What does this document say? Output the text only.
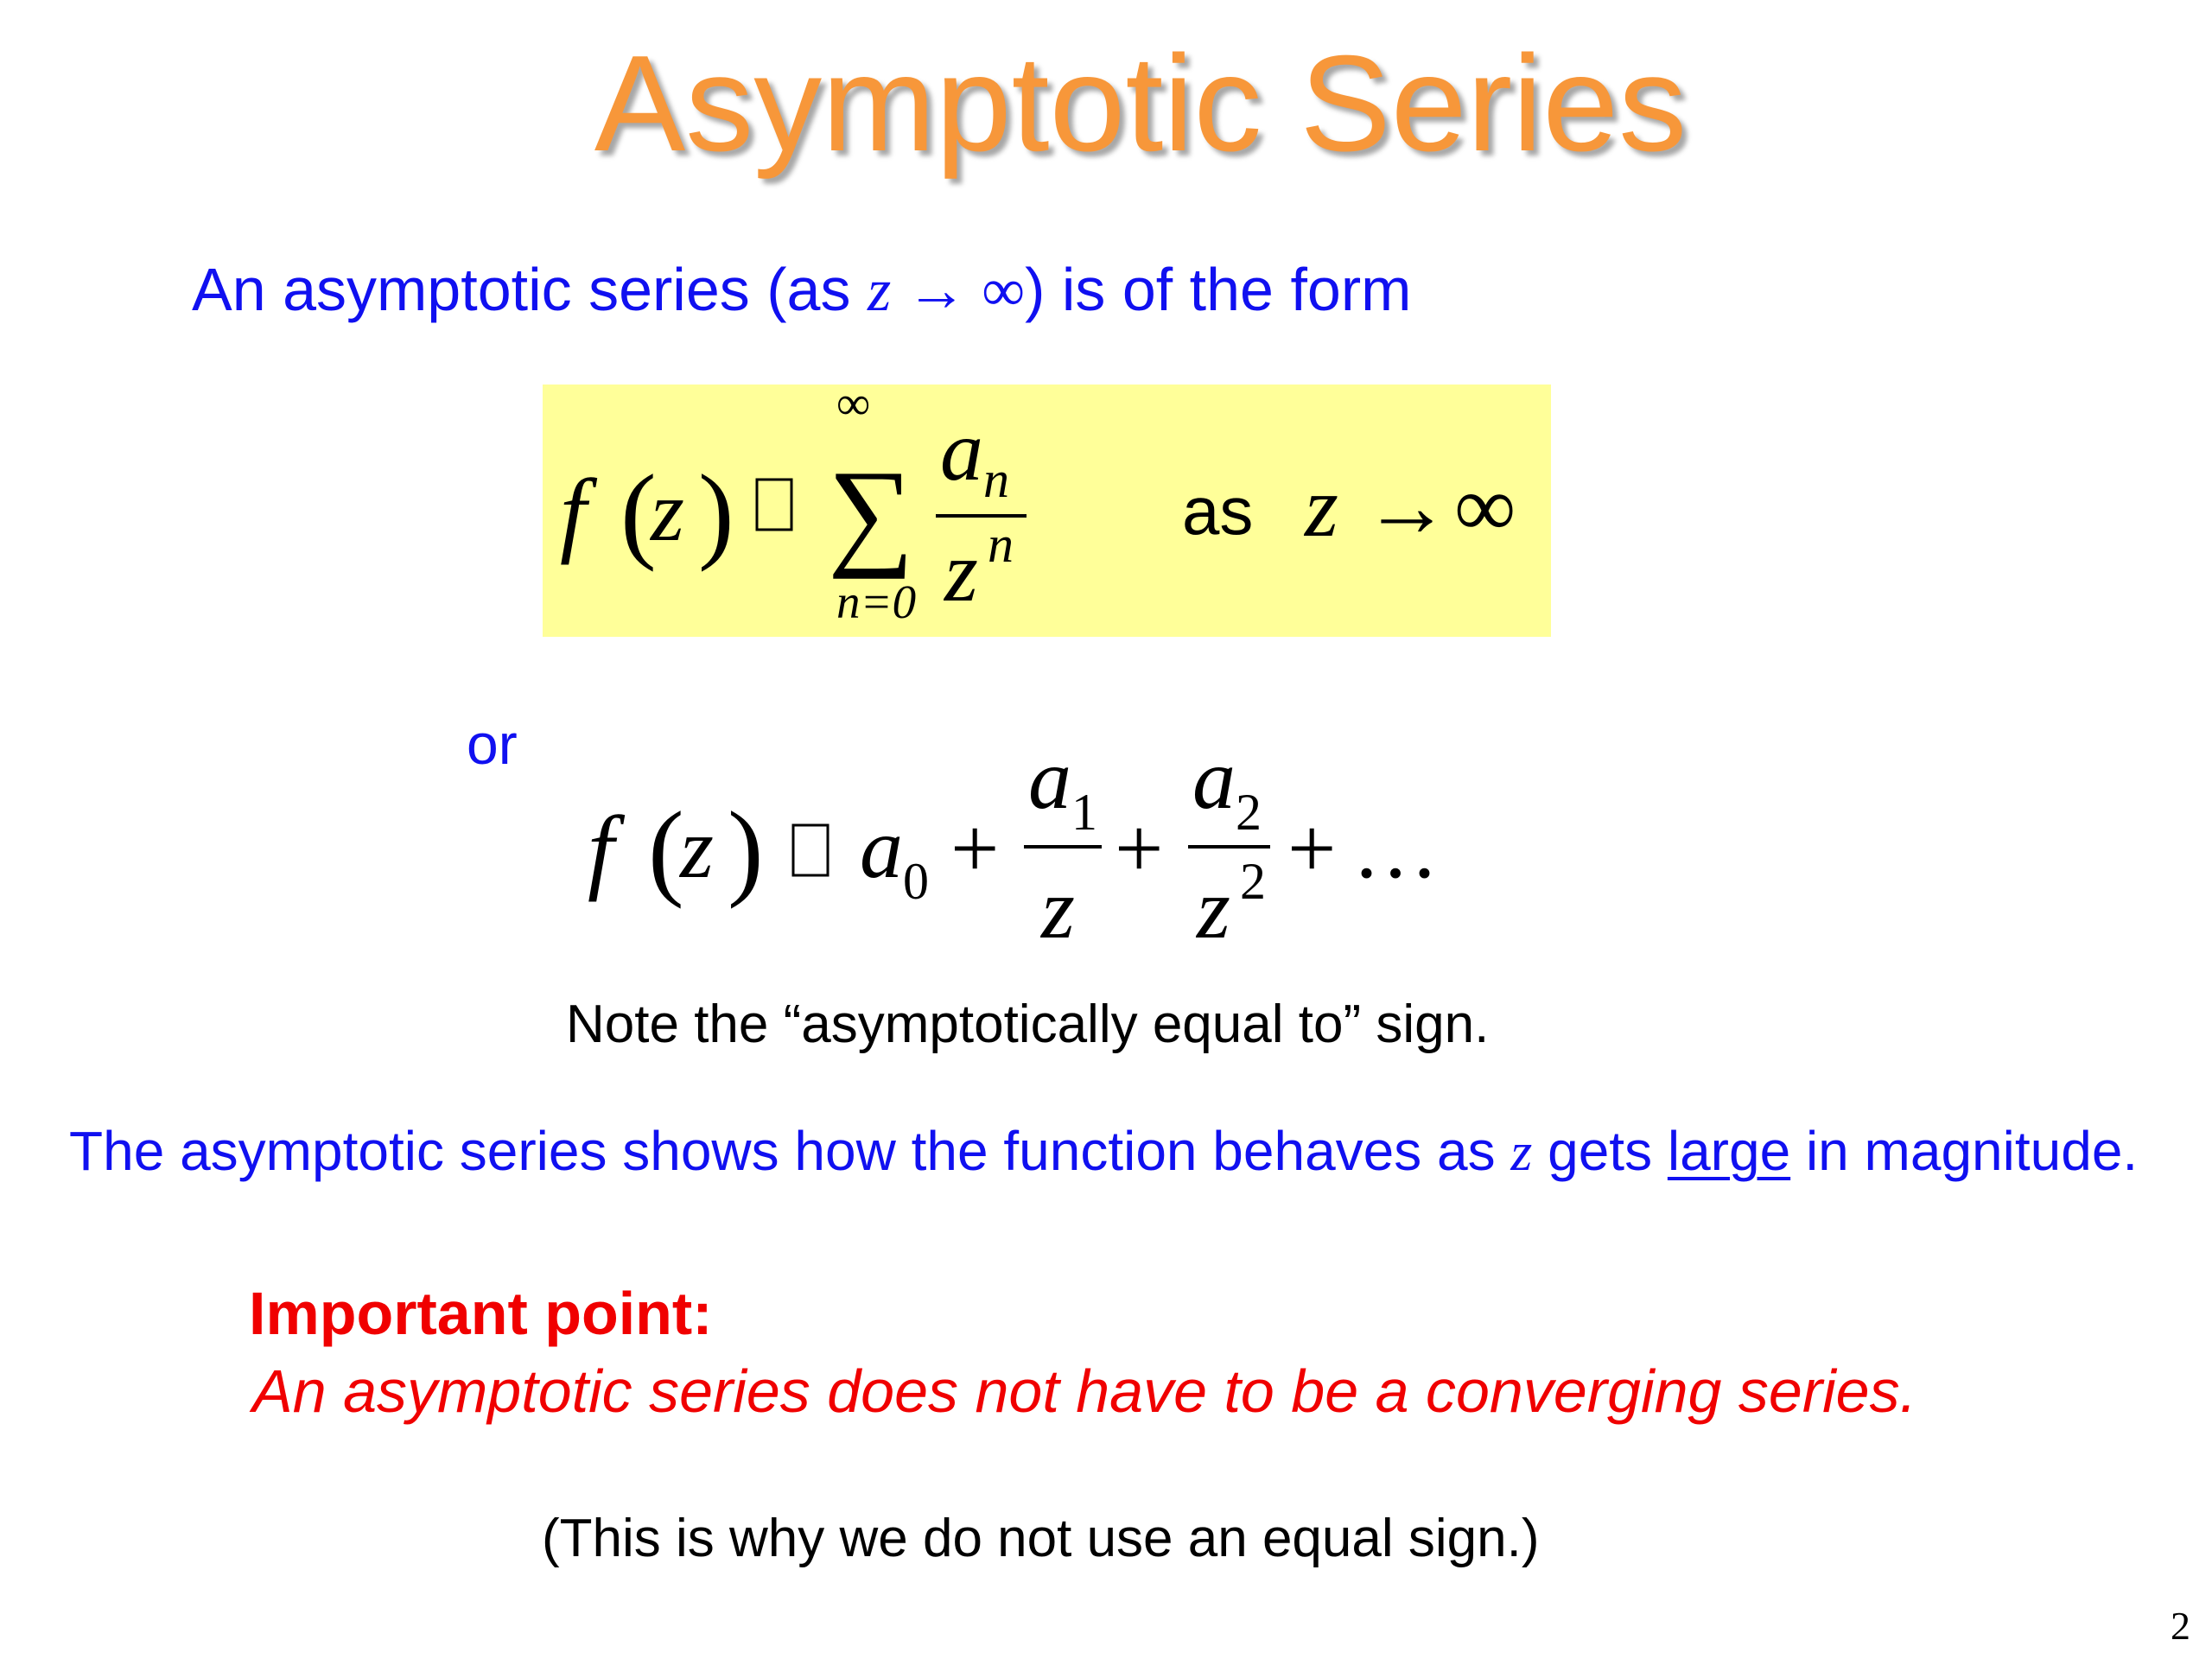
Asymptotic Series
An asymptotic series (as z → ∞) is of the form
f (
z )
∞
∑
n=0
a n
z n	as z → ∞
or
f (
z ) a 0 +
a 1
z
+
a 2
z 2 + …
Note the “asymptotically equal to” sign.
The asymptotic series shows how the function behaves as z gets large in magnitude.
Important point:
An asymptotic series does not have to be a converging series.
(This is why we do not use an equal sign.)
2
